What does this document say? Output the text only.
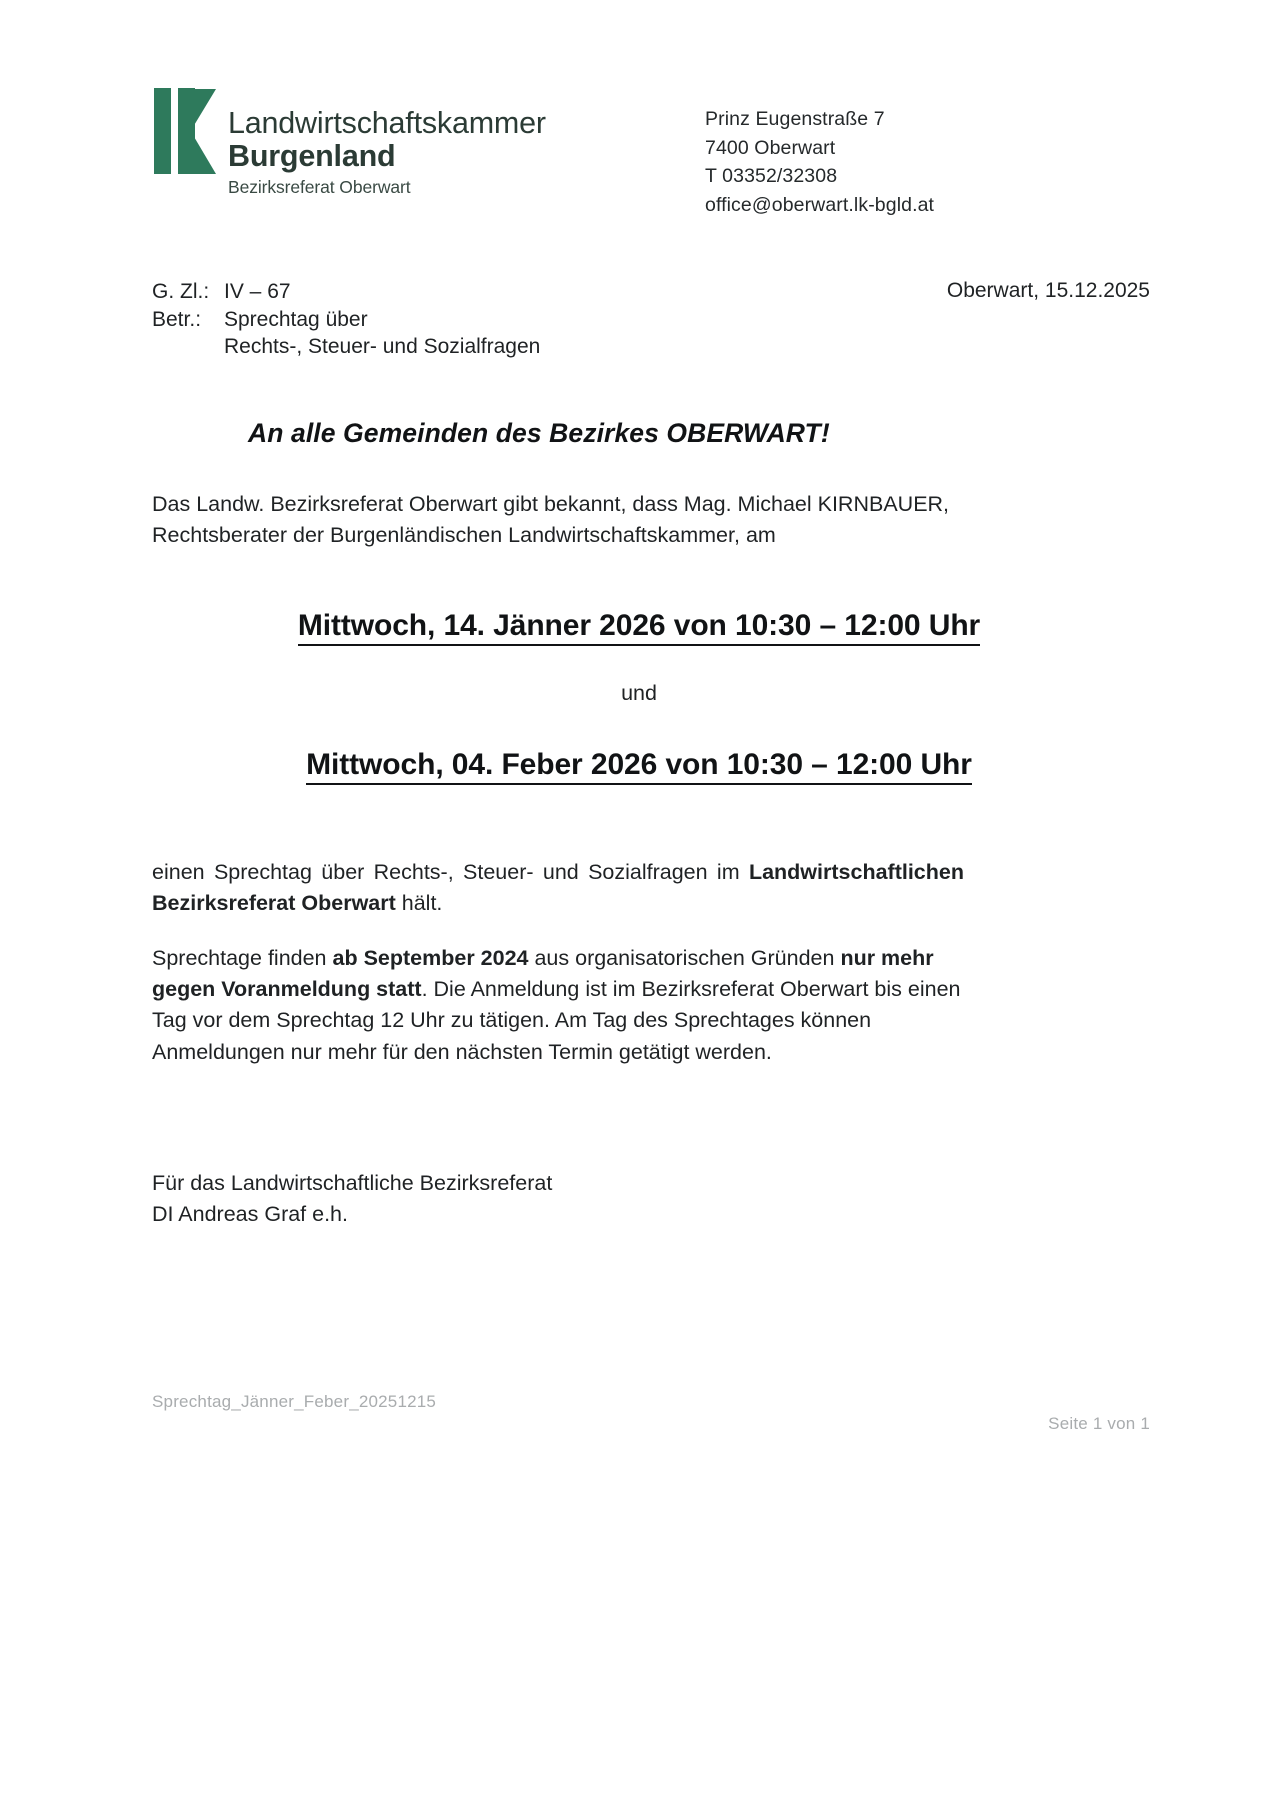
Landwirtschaftskammer
Burgenland
Bezirksreferat Oberwart
Prinz Eugenstraße 7
7400 Oberwart
T 03352/32308
office@oberwart.lk-bgld.at
G. Zl.: IV – 67
Betr.:	Sprechtag über
Rechts-, Steuer- und Sozialfragen
Oberwart, 15.12.2025
An alle Gemeinden des Bezirkes OBERWART!
Das Landw. Bezirksreferat Oberwart gibt bekannt, dass Mag. Michael KIRNBAUER,
Rechtsberater der Burgenländischen Landwirtschaftskammer, am
Mittwoch, 14. Jänner 2026 von 10:30 – 12:00 Uhr
und
Mittwoch, 04. Feber 2026 von 10:30 – 12:00 Uhr
einen Sprechtag über Rechts-, Steuer- und Sozialfragen im Landwirtschaftlichen Bezirksreferat Oberwart hält.
Sprechtage finden ab September 2024 aus organisatorischen Gründen nur mehr gegen Voranmeldung statt. Die Anmeldung ist im Bezirksreferat Oberwart bis einen Tag vor dem Sprechtag 12 Uhr zu tätigen. Am Tag des Sprechtages können Anmeldungen nur mehr für den nächsten Termin getätigt werden.
Für das Landwirtschaftliche Bezirksreferat
DI Andreas Graf e.h.
Sprechtag_Jänner_Feber_20251215
Seite 1 von 1
